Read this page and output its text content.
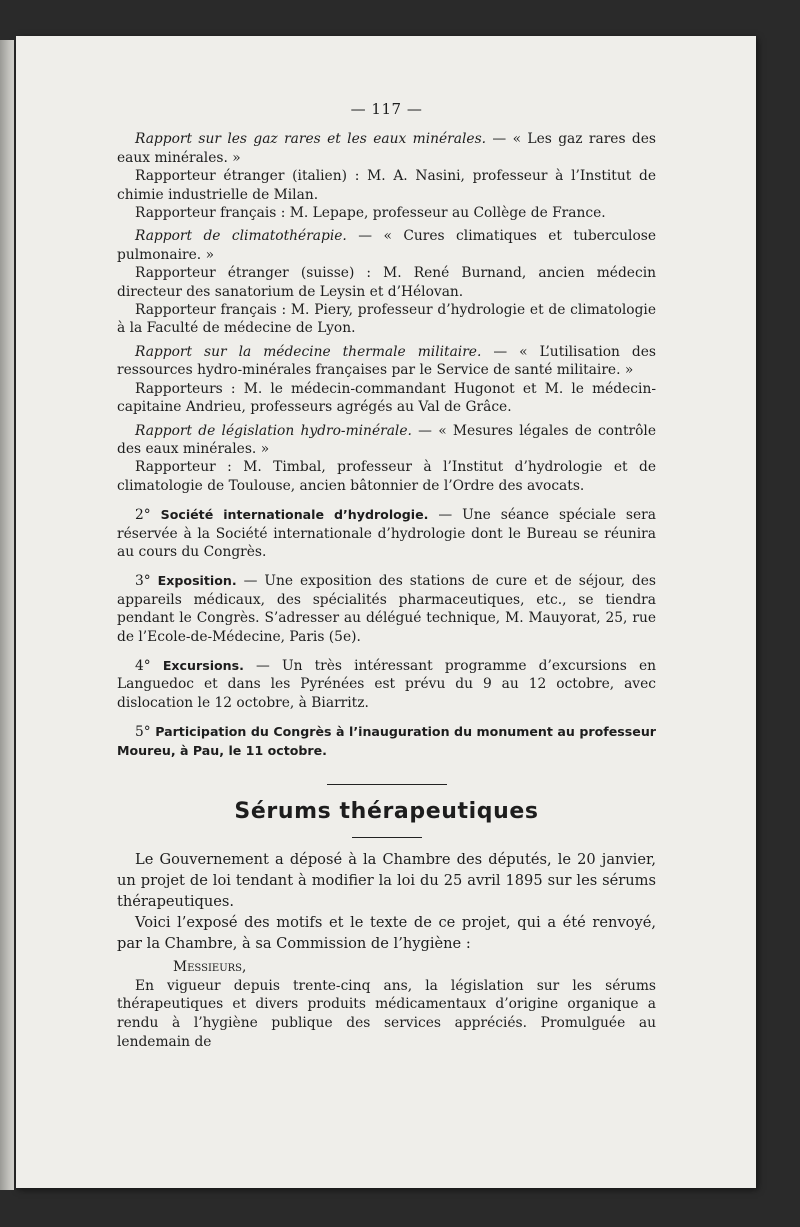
— 117 —

Rapport sur les gaz rares et les eaux minérales. — « Les gaz rares des eaux minérales. »

Rapporteur étranger (italien) : M. A. Nasini, professeur à l’Institut de chimie industrielle de Milan.

Rapporteur français : M. Lepape, professeur au Collège de France.

Rapport de climatothérapie. — « Cures climatiques et tuberculose pulmonaire. »

Rapporteur étranger (suisse) : M. René Burnand, ancien médecin directeur des sanatorium de Leysin et d’Hélovan.

Rapporteur français : M. Piery, professeur d’hydrologie et de climatologie à la Faculté de médecine de Lyon.

Rapport sur la médecine thermale militaire. — « L’utilisation des ressources hydro-minérales françaises par le Service de santé militaire. »

Rapporteurs : M. le médecin-commandant Hugonot et M. le médecin-capitaine Andrieu, professeurs agrégés au Val de Grâce.

Rapport de législation hydro-minérale. — « Mesures légales de contrôle des eaux minérales. »

Rapporteur : M. Timbal, professeur à l’Institut d’hydrologie et de climatologie de Toulouse, ancien bâtonnier de l’Ordre des avocats.

2° Société internationale d’hydrologie. — Une séance spéciale sera réservée à la Société internationale d’hydrologie dont le Bureau se réunira au cours du Congrès.

3° Exposition. — Une exposition des stations de cure et de séjour, des appareils médicaux, des spécialités pharmaceutiques, etc., se tiendra pendant le Congrès. S’adresser au délégué technique, M. Mauyorat, 25, rue de l’Ecole-de-Médecine, Paris (5e).

4° Excursions. — Un très intéressant programme d’excursions en Languedoc et dans les Pyrénées est prévu du 9 au 12 octobre, avec dislocation le 12 octobre, à Biarritz.

5° Participation du Congrès à l’inauguration du monument au professeur Moureu, à Pau, le 11 octobre.

Sérums thérapeutiques

Le Gouvernement a déposé à la Chambre des députés, le 20 janvier, un projet de loi tendant à modifier la loi du 25 avril 1895 sur les sérums thérapeutiques.

Voici l’exposé des motifs et le texte de ce projet, qui a été renvoyé, par la Chambre, à sa Commission de l’hygiène :

Messieurs,

En vigueur depuis trente-cinq ans, la législation sur les sérums thérapeutiques et divers produits médicamentaux d’origine organique a rendu à l’hygiène publique des services appréciés. Promulguée au lendemain de
